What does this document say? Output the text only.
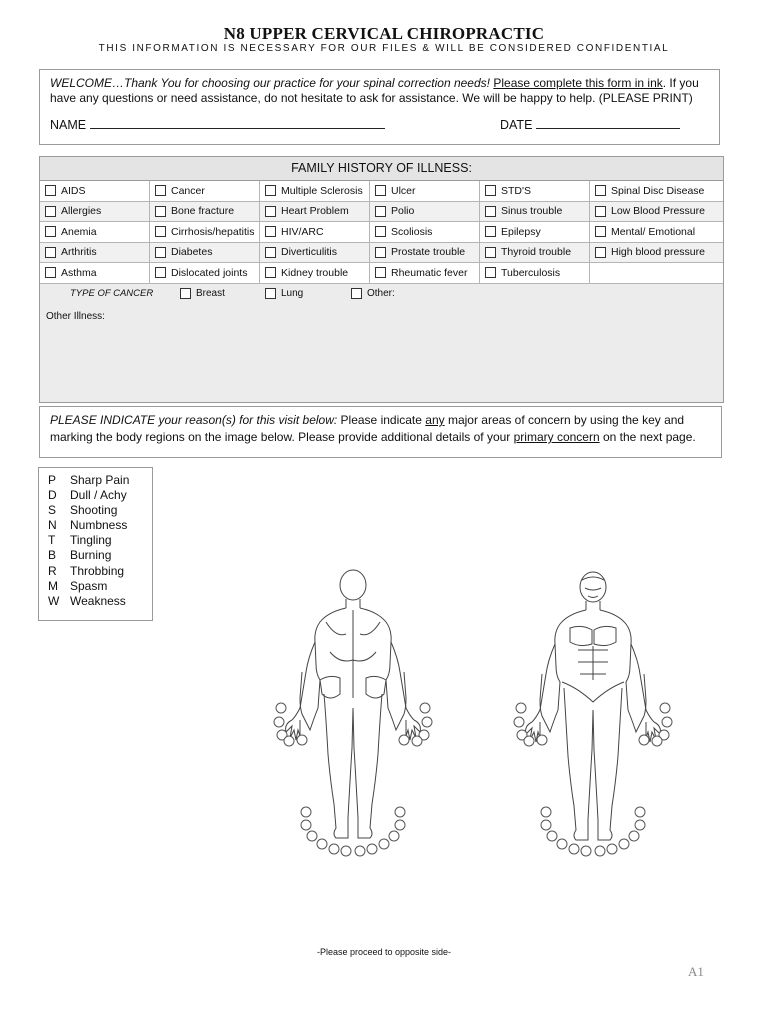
N8 UPPER CERVICAL CHIROPRACTIC
THIS INFORMATION IS NECESSARY FOR OUR FILES & WILL BE CONSIDERED CONFIDENTIAL
WELCOME…Thank You for choosing our practice for your spinal correction needs! Please complete this form in ink. If you
have any questions or need assistance, do not hesitate to ask for assistance. We will be happy to help. (PLEASE PRINT)
NAME	DATE
FAMILY HISTORY OF ILLNESS:
AIDS	Cancer	Multiple Sclerosis	Ulcer	STD'S	Spinal Disc Disease
Allergies	Bone fracture	Heart Problem	Polio	Sinus trouble	Low Blood Pressure
Anemia	Cirrhosis/hepatitis	HIV/ARC	Scoliosis	Epilepsy	Mental/ Emotional
Arthritis	Diabetes	Diverticulitis	Prostate trouble	Thyroid trouble	High blood pressure
Asthma	Dislocated joints	Kidney trouble	Rheumatic fever	Tuberculosis
TYPE OF CANCER	Breast	Lung	Other:
Other Illness:
PLEASE INDICATE your reason(s) for this visit below: Please indicate any major areas of concern by using the key and
marking the body regions on the image below. Please provide additional details of your primary concern on the next page.
P Sharp Pain
D Dull / Achy
S Shooting
N Numbness
T Tingling
B Burning
R Throbbing
M Spasm
W Weakness
-Please proceed to opposite side-
A1
